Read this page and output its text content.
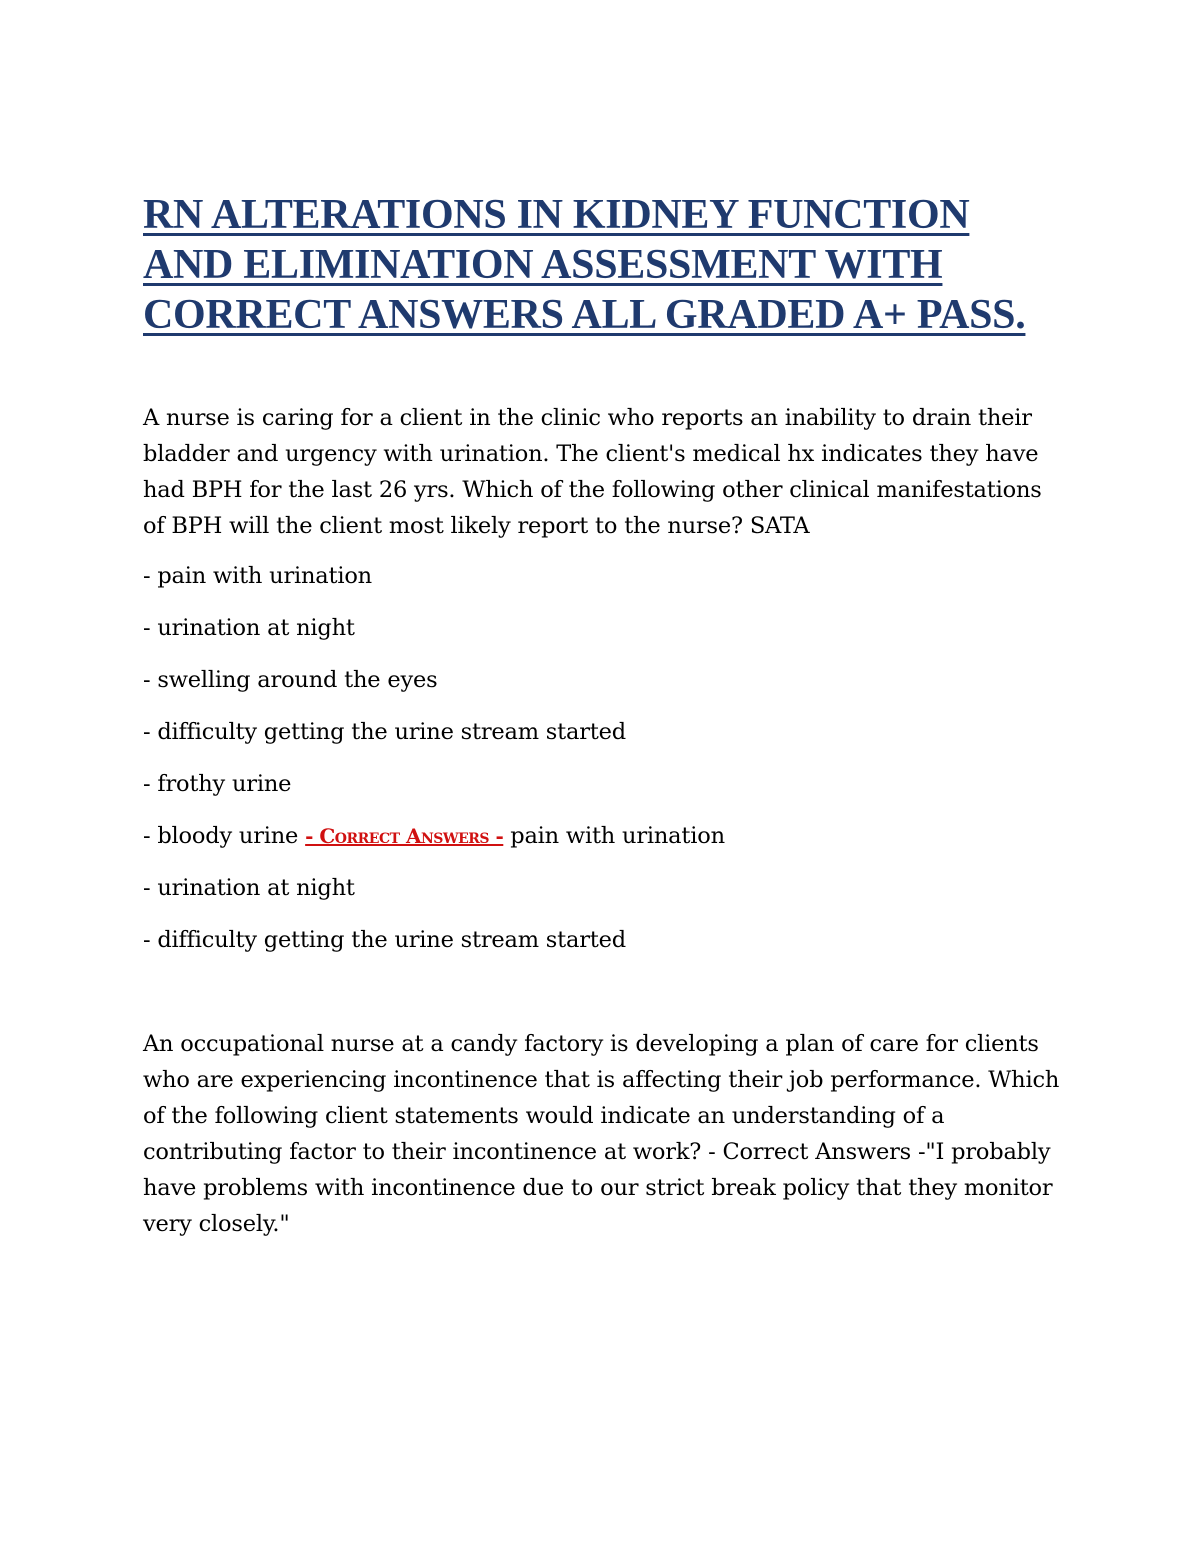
RN ALTERATIONS IN KIDNEY FUNCTION AND ELIMINATION ASSESSMENT WITH CORRECT ANSWERS ALL GRADED A+ PASS.

A nurse is caring for a client in the clinic who reports an inability to drain their bladder and urgency with urination. The client's medical hx indicates they have had BPH for the last 26 yrs. Which of the following other clinical manifestations of BPH will the client most likely report to the nurse? SATA

- pain with urination

- urination at night

- swelling around the eyes

- difficulty getting the urine stream started

- frothy urine

- bloody urine - Correct Answers - pain with urination

- urination at night

- difficulty getting the urine stream started

An occupational nurse at a candy factory is developing a plan of care for clients who are experiencing incontinence that is affecting their job performance. Which of the following client statements would indicate an understanding of a contributing factor to their incontinence at work? - Correct Answers -"I probably have problems with incontinence due to our strict break policy that they monitor very closely."
